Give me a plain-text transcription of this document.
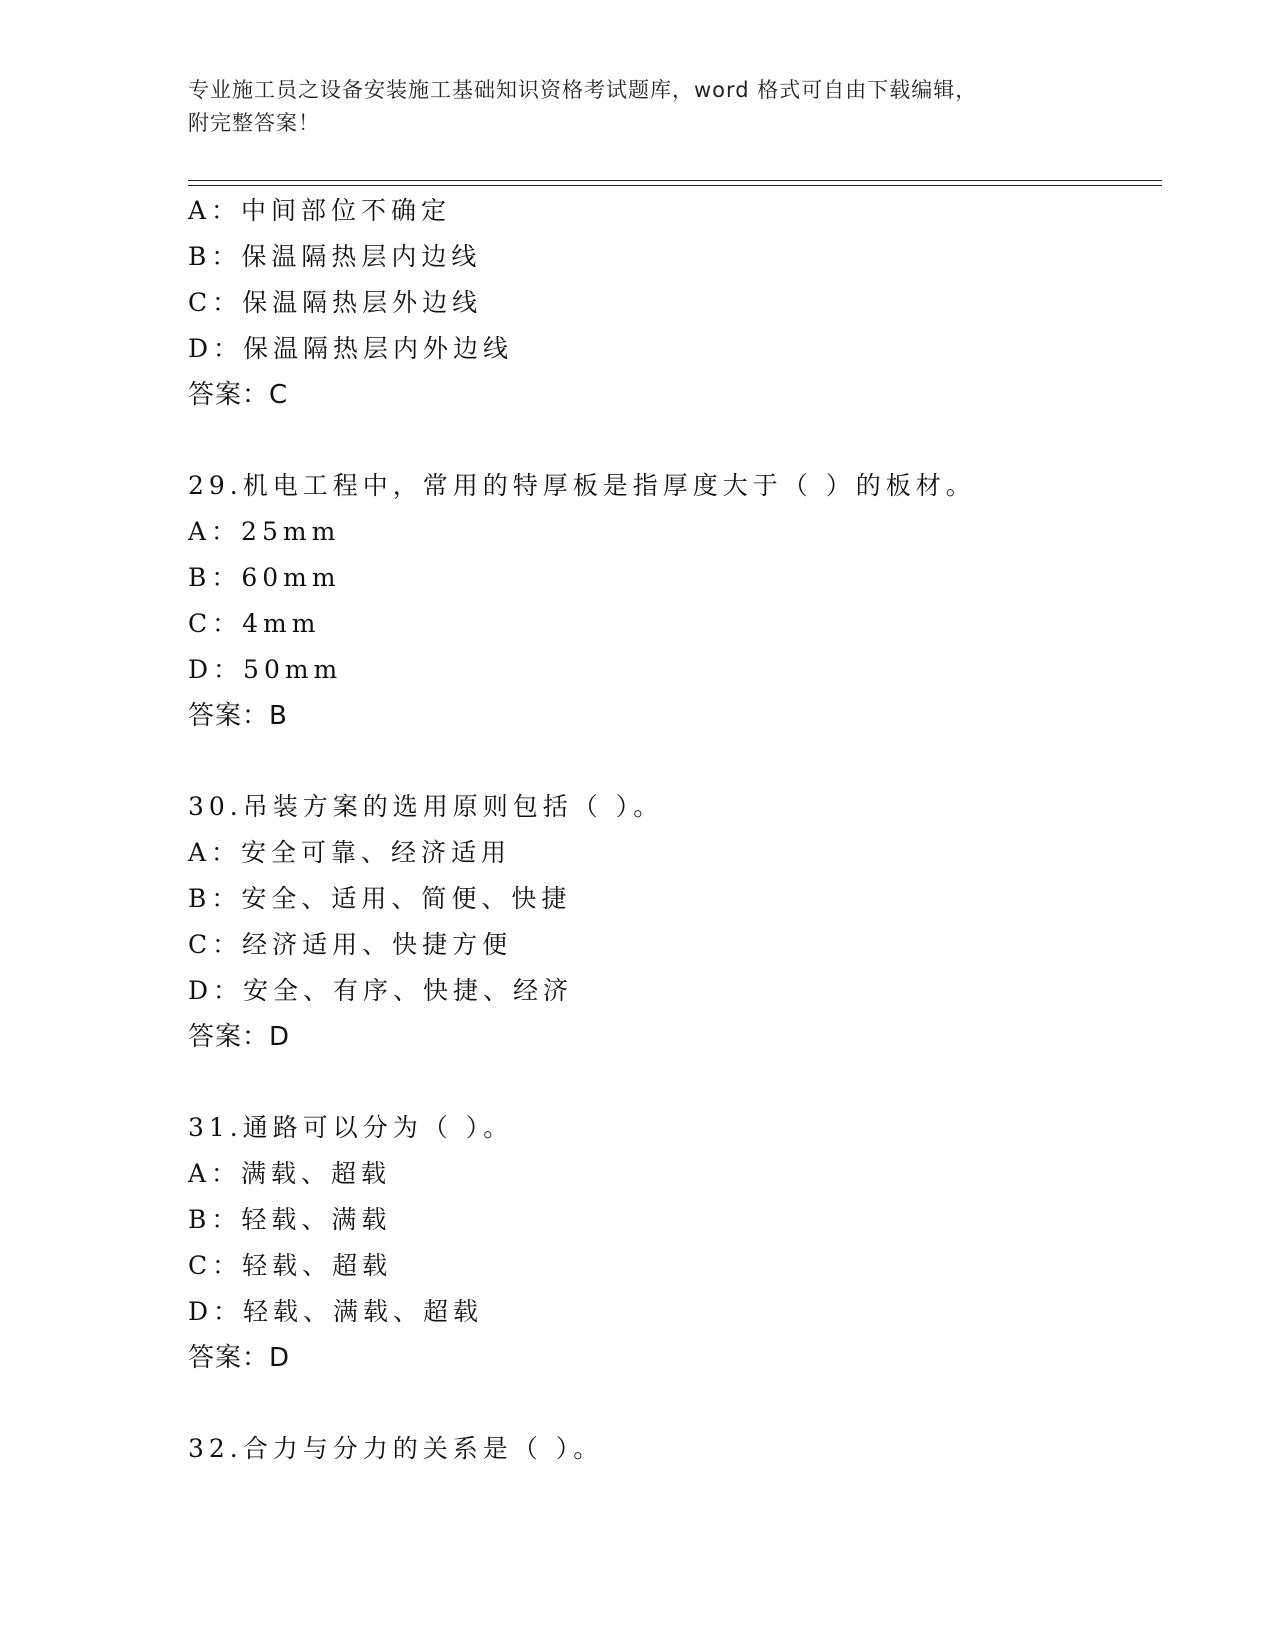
专业施工员之设备安装施工基础知识资格考试题库，word 格式可自由下载编辑，
附完整答案！
A：中间部位不确定
B：保温隔热层内边线
C：保温隔热层外边线
D：保温隔热层内外边线
答案：C
29.机电工程中，常用的特厚板是指厚度大于（ ）的板材。
A：25mm
B：60mm
C：4mm
D：50mm
答案：B
30.吊装方案的选用原则包括（ ）。
A：安全可靠、经济适用
B：安全、适用、简便、快捷
C：经济适用、快捷方便
D：安全、有序、快捷、经济
答案：D
31.通路可以分为（ ）。
A：满载、超载
B：轻载、满载
C：轻载、超载
D：轻载、满载、超载
答案：D
32.合力与分力的关系是（ ）。
